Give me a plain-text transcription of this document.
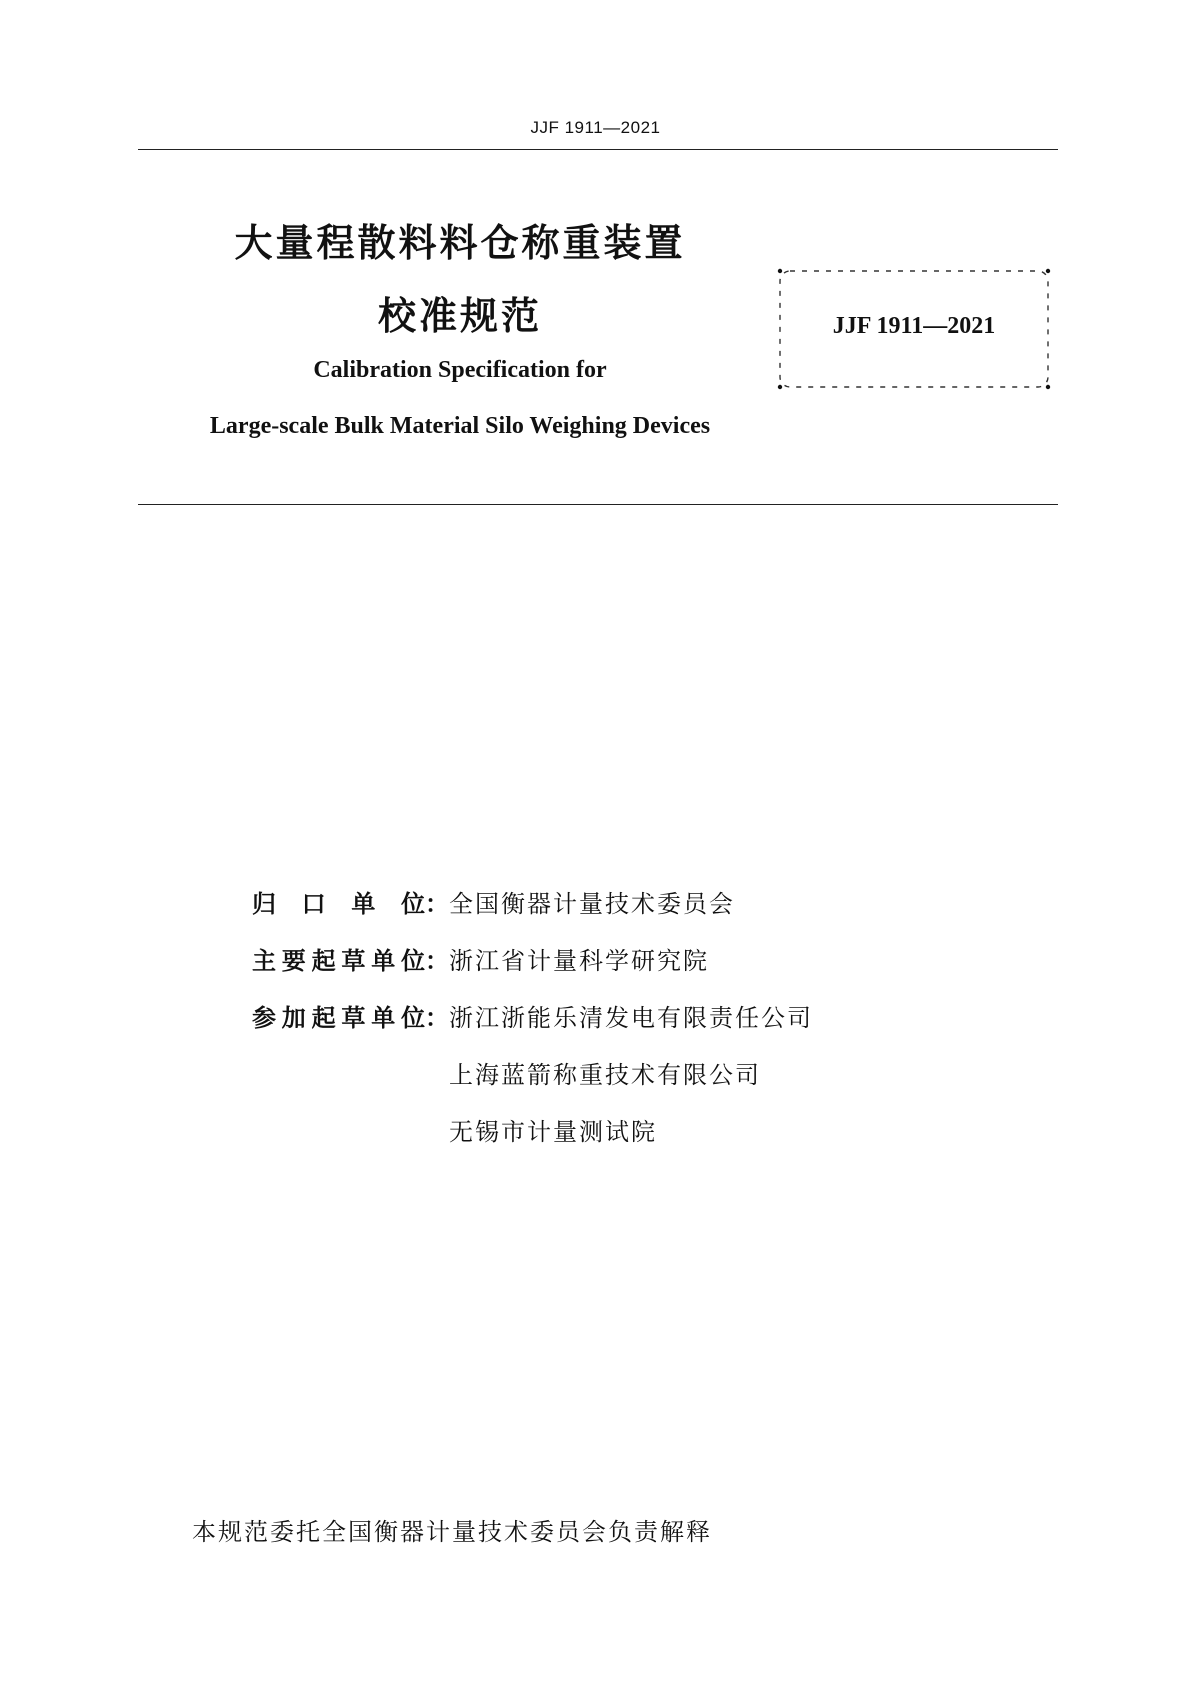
JJF 1911—2021
大量程散料料仓称重装置
校准规范
Calibration Specification for
Large-scale Bulk Material Silo Weighing Devices
JJF 1911—2021
归 口 单 位： 全国衡器计量技术委员会
主 要 起 草 单 位： 浙江省计量科学研究院
参 加 起 草 单 位： 浙江浙能乐清发电有限责任公司
上海蓝箭称重技术有限公司
无锡市计量测试院
本规范委托全国衡器计量技术委员会负责解释
